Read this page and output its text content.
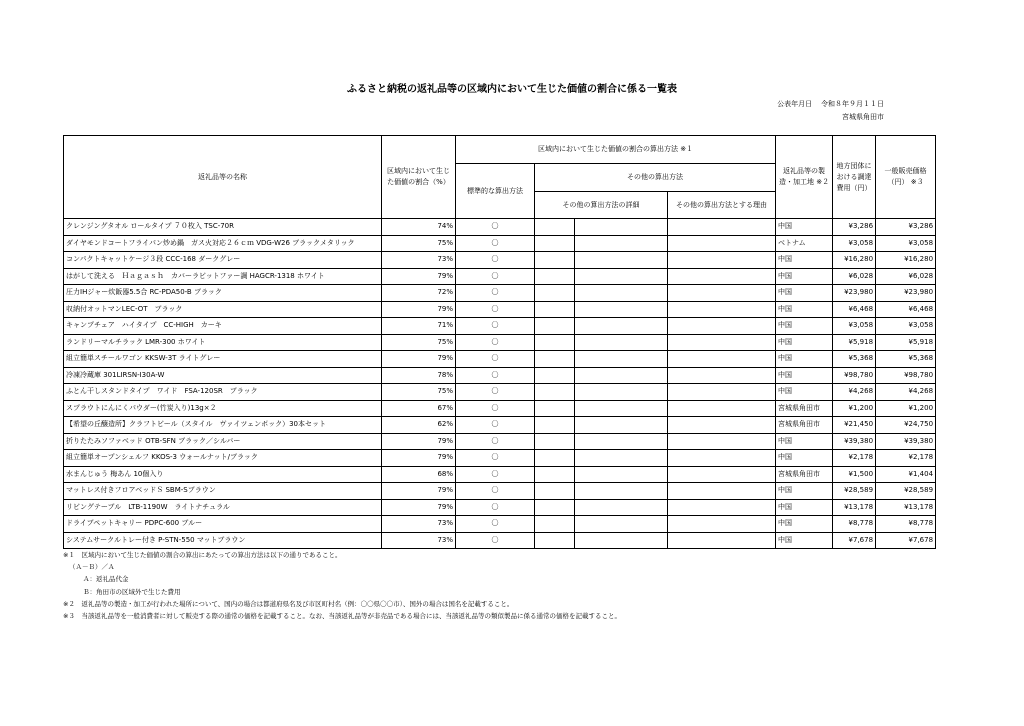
ふるさと納税の返礼品等の区域内において生じた価値の割合に係る一覧表
公表年月日 令和８年９月１１日
宮城県角田市
返礼品等の名称	区域内において生じた価値の割合（%）	区域内において生じた価値の割合の算出方法 ※１				返礼品等の製造・加工地 ※２	地方団体における調達費用（円）	一般販売価格（円） ※３
		標準的な算出方法	その他の算出方法					
			その他の算出方法の詳細		その他の算出方法とする理由			
クレンジングタオル ロールタイプ ７０枚入 TSC-70R	74%	〇				中国	¥3,286	¥3,286
ダイヤモンドコートフライパン炒め鍋　ガス火対応２６ｃｍ VDG-W26 ブラックメタリック	75%	〇				ベトナム	¥3,058	¥3,058
コンパクトキャットケージ３段 CCC-168 ダークグレー	73%	〇				中国	¥16,280	¥16,280
はがして洗える　Ｈａｇａｓｈ　カバーラビットファー調 HAGCR-1318 ホワイト	79%	〇				中国	¥6,028	¥6,028
圧力IHジャー炊飯器5.5合 RC-PDA50-B ブラック	72%	〇				中国	¥23,980	¥23,980
収納付オットマンLEC-OT　ブラック	79%	〇				中国	¥6,468	¥6,468
キャンプチェア　ハイタイプ　CC-HIGH　カーキ	71%	〇				中国	¥3,058	¥3,058
ランドリーマルチラック LMR-300 ホワイト	75%	〇				中国	¥5,918	¥5,918
組立簡単スチールワゴン KKSW-3T ライトグレー	79%	〇				中国	¥5,368	¥5,368
冷凍冷蔵庫 301LIRSN-I30A-W	78%	〇				中国	¥98,780	¥98,780
ふとん干しスタンドタイプ　ワイド　FSA-120SR　ブラック	75%	〇				中国	¥4,268	¥4,268
スプラウトにんにくパウダー(竹炭入り)13g×２	67%	〇				宮城県角田市	¥1,200	¥1,200
【希望の丘醸造所】クラフトビール（スタイル　ヴァイツェンボック）30本セット	62%	〇				宮城県角田市	¥21,450	¥24,750
折りたたみソファベッド OTB-SFN ブラック／シルバー	79%	〇				中国	¥39,380	¥39,380
組立簡単オープンシェルフ KKOS-3 ウォールナット/ブラック	79%	〇				中国	¥2,178	¥2,178
水まんじゅう 梅あん 10個入り	68%	〇				宮城県角田市	¥1,500	¥1,404
マットレス付きフロアベッドＳ SBM-Sブラウン	79%	〇				中国	¥28,589	¥28,589
リビングテーブル　LTB-1190W　ライトナチュラル	79%	〇				中国	¥13,178	¥13,178
ドライブペットキャリー PDPC-600 ブルー	73%	〇				中国	¥8,778	¥8,778
システムサークルトレー付き P-STN-550 マットブラウン	73%	〇				中国	¥7,678	¥7,678
※１　区域内において生じた価値の割合の算出にあたっての算出方法は以下の通りであること。
（Ａ－Ｂ）／Ａ
Ａ：返礼品代金
Ｂ：角田市の区域外で生じた費用
※２　返礼品等の製造・加工が行われた場所について、国内の場合は都道府県名及び市区町村名（例：〇〇県〇〇市）、国外の場合は国名を記載すること。
※３　当該返礼品等を一般消費者に対して販売する際の通常の価格を記載すること。なお、当該返礼品等が非売品である場合には、当該返礼品等の類似製品に係る通常の価格を記載すること。
